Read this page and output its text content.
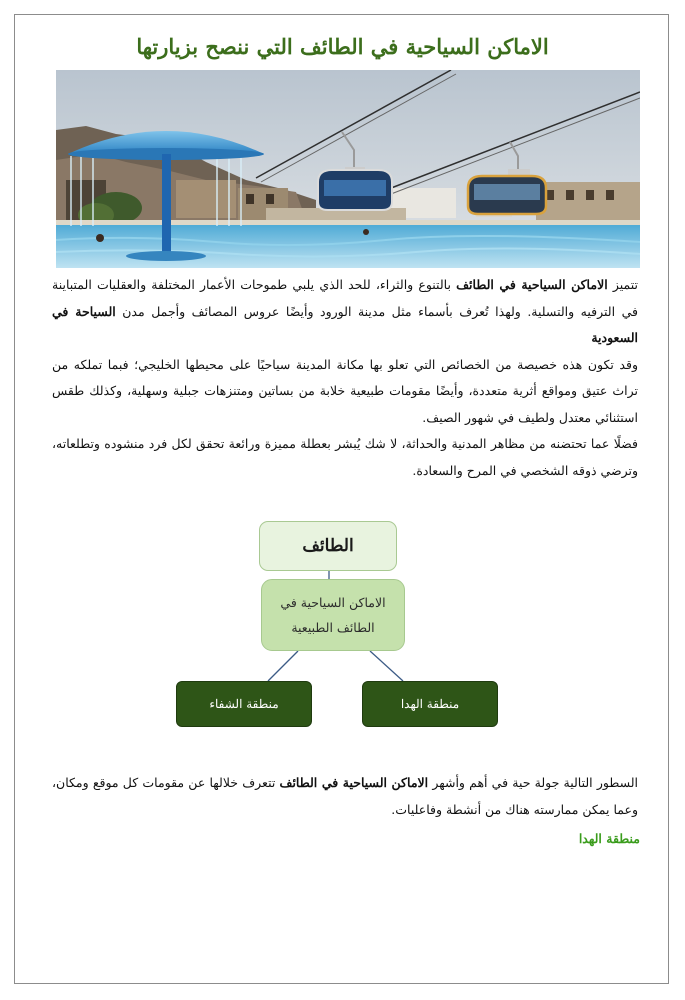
الاماكن السياحية في الطائف التي ننصح بزيارتها

تتميز الاماكن السياحية في الطائف بالتنوع والثراء، للحد الذي يلبي طموحات الأعمار المختلفة والعقليات المتباينة في الترفيه والتسلية. ولهذا تُعرف بأسماء مثل مدينة الورود وأيضًا عروس المصائف وأجمل مدن السياحة في السعودية

وقد تكون هذه خصيصة من الخصائص التي تعلو بها مكانة المدينة سياحيًا على محيطها الخليجي؛ فبما تملكه من تراث عتيق ومواقع أثرية متعددة، وأيضًا مقومات طبيعية خلابة من بساتين ومتنزهات جبلية وسهلية، وكذلك طقس استثنائي معتدل ولطيف في شهور الصيف.

فضلًا عما تحتضنه من مظاهر المدنية والحداثة، لا شك يُبشر بعطلة مميزة ورائعة تحقق لكل فرد منشوده وتطلعاته، وترضي ذوقه الشخصي في المرح والسعادة.

الطائف
الاماكن السياحية في الطائف الطبيعية
منطقة الشفاء	منطقة الهدا

السطور التالية جولة حية في أهم وأشهر الاماكن السياحية في الطائف تتعرف خلالها عن مقومات كل موقع ومكان، وعما يمكن ممارسته هناك من أنشطة وفاعليات.

منطقة الهدا
